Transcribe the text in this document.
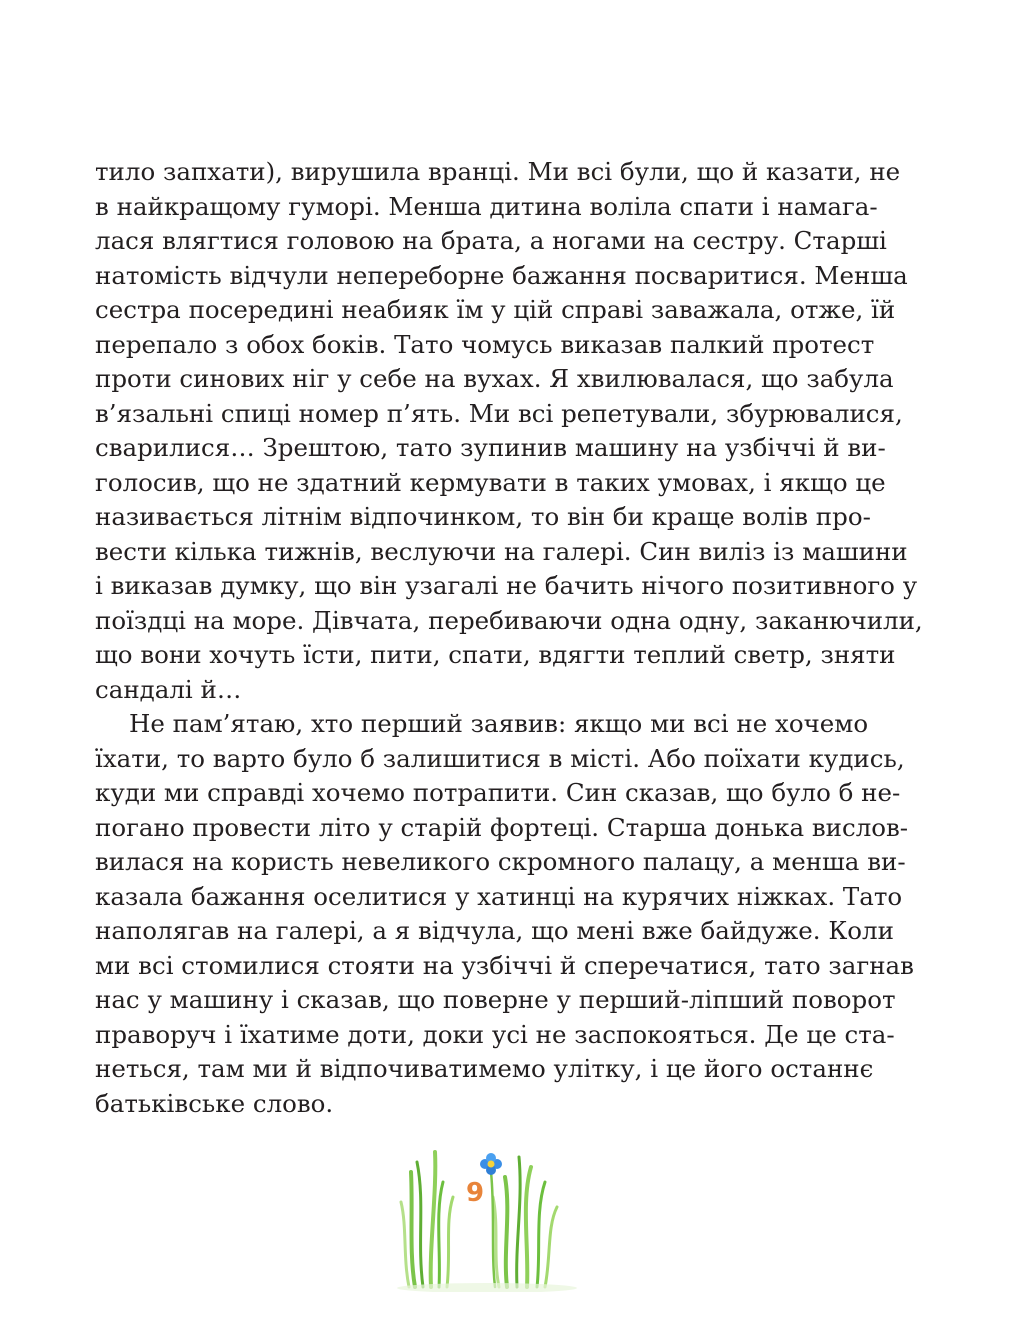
тило запхати), вирушила вранці. Ми всі були, що й казати, не
в найкращому гуморі. Менша дитина воліла спати і намага-
лася влягтися головою на брата, а ногами на сестру. Старші
натомість відчули непереборне бажання посваритися. Менша
сестра посередині неабияк їм у цій справі заважала, отже, їй
перепало з обох боків. Тато чомусь виказав палкий протест
проти синових ніг у себе на вухах. Я хвилювалася, що забула
в’язальні спиці номер п’ять. Ми всі репетували, збурювалися,
сварилися… Зрештою, тато зупинив машину на узбіччі й ви-
голосив, що не здатний кермувати в таких умовах, і якщо це
називається літнім відпочинком, то він би краще волів про-
вести кілька тижнів, веслуючи на галері. Син виліз із машини
і виказав думку, що він узагалі не бачить нічого позитивного у
поїздці на море. Дівчата, перебиваючи одна одну, заканючили,
що вони хочуть їсти, пити, спати, вдягти теплий светр, зняти
сандалі й…
Не пам’ятаю, хто перший заявив: якщо ми всі не хочемо
їхати, то варто було б залишитися в місті. Або поїхати кудись,
куди ми справді хочемо потрапити. Син сказав, що було б не-
погано провести літо у старій фортеці. Старша донька вислов-
вилася на користь невеликого скромного палацу, а менша ви-
казала бажання оселитися у хатинці на курячих ніжках. Тато
наполягав на галері, а я відчула, що мені вже байдуже. Коли
ми всі стомилися стояти на узбіччі й сперечатися, тато загнав
нас у машину і сказав, що поверне у перший-ліпший поворот
праворуч і їхатиме доти, доки усі не заспокояться. Де це ста-
неться, там ми й відпочиватимемо улітку, і це його останнє
батьківське слово.
9
